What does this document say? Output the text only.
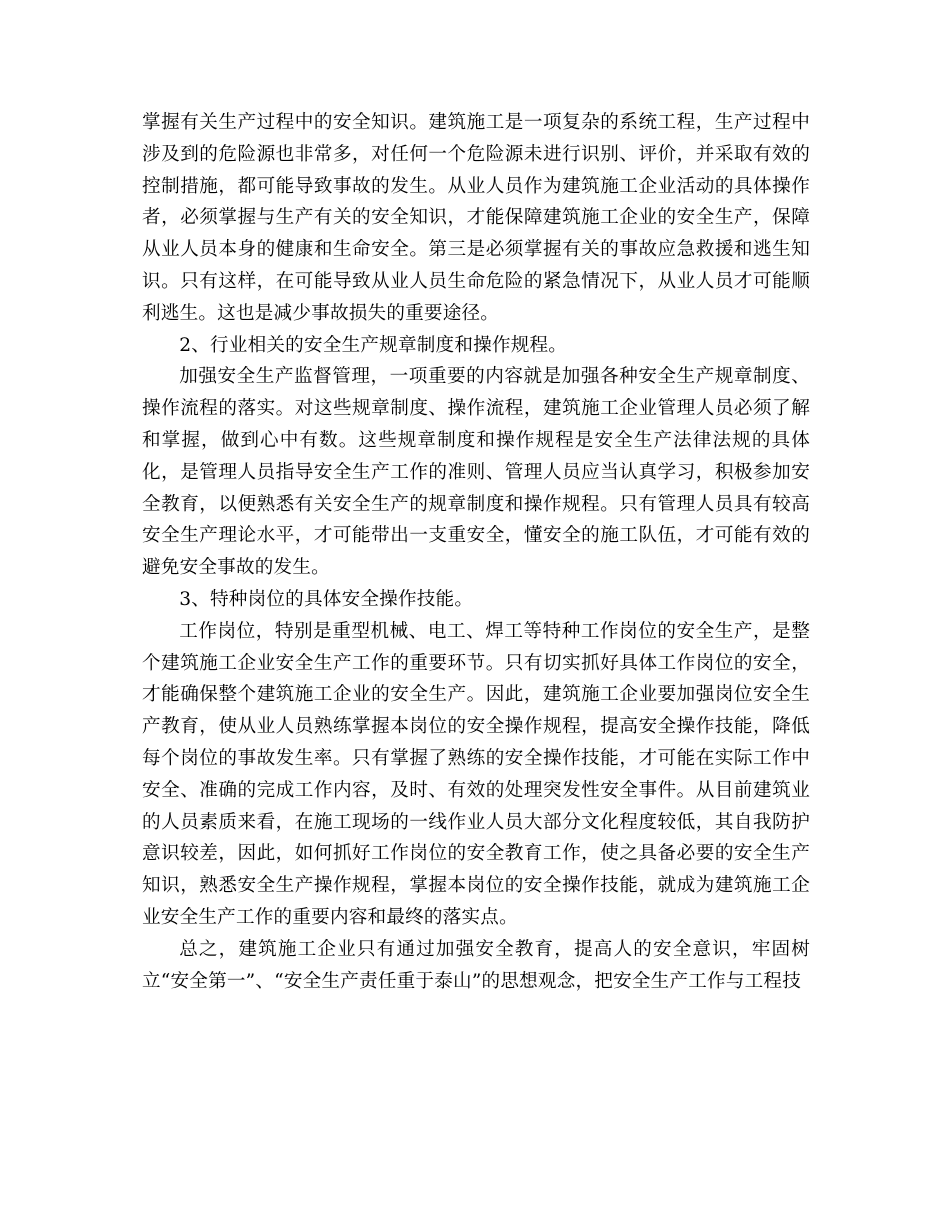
掌握有关生产过程中的安全知识。建筑施工是一项复杂的系统工程，生产过程中涉及到的危险源也非常多，对任何一个危险源未进行识别、评价，并采取有效的控制措施，都可能导致事故的发生。从业人员作为建筑施工企业活动的具体操作者，必须掌握与生产有关的安全知识，才能保障建筑施工企业的安全生产，保障从业人员本身的健康和生命安全。第三是必须掌握有关的事故应急救援和逃生知识。只有这样，在可能导致从业人员生命危险的紧急情况下，从业人员才可能顺利逃生。这也是减少事故损失的重要途径。

2、行业相关的安全生产规章制度和操作规程。

加强安全生产监督管理，一项重要的内容就是加强各种安全生产规章制度、操作流程的落实。对这些规章制度、操作流程，建筑施工企业管理人员必须了解和掌握，做到心中有数。这些规章制度和操作规程是安全生产法律法规的具体化，是管理人员指导安全生产工作的准则、管理人员应当认真学习，积极参加安全教育，以便熟悉有关安全生产的规章制度和操作规程。只有管理人员具有较高安全生产理论水平，才可能带出一支重安全，懂安全的施工队伍，才可能有效的避免安全事故的发生。

3、特种岗位的具体安全操作技能。

工作岗位，特别是重型机械、电工、焊工等特种工作岗位的安全生产，是整个建筑施工企业安全生产工作的重要环节。只有切实抓好具体工作岗位的安全，才能确保整个建筑施工企业的安全生产。因此，建筑施工企业要加强岗位安全生产教育，使从业人员熟练掌握本岗位的安全操作规程，提高安全操作技能，降低每个岗位的事故发生率。只有掌握了熟练的安全操作技能，才可能在实际工作中安全、准确的完成工作内容，及时、有效的处理突发性安全事件。从目前建筑业的人员素质来看，在施工现场的一线作业人员大部分文化程度较低，其自我防护意识较差，因此，如何抓好工作岗位的安全教育工作，使之具备必要的安全生产知识，熟悉安全生产操作规程，掌握本岗位的安全操作技能，就成为建筑施工企业安全生产工作的重要内容和最终的落实点。

总之，建筑施工企业只有通过加强安全教育，提高人的安全意识，牢固树立“安全第一”、“安全生产责任重于泰山”的思想观念，把安全生产工作与工程技
